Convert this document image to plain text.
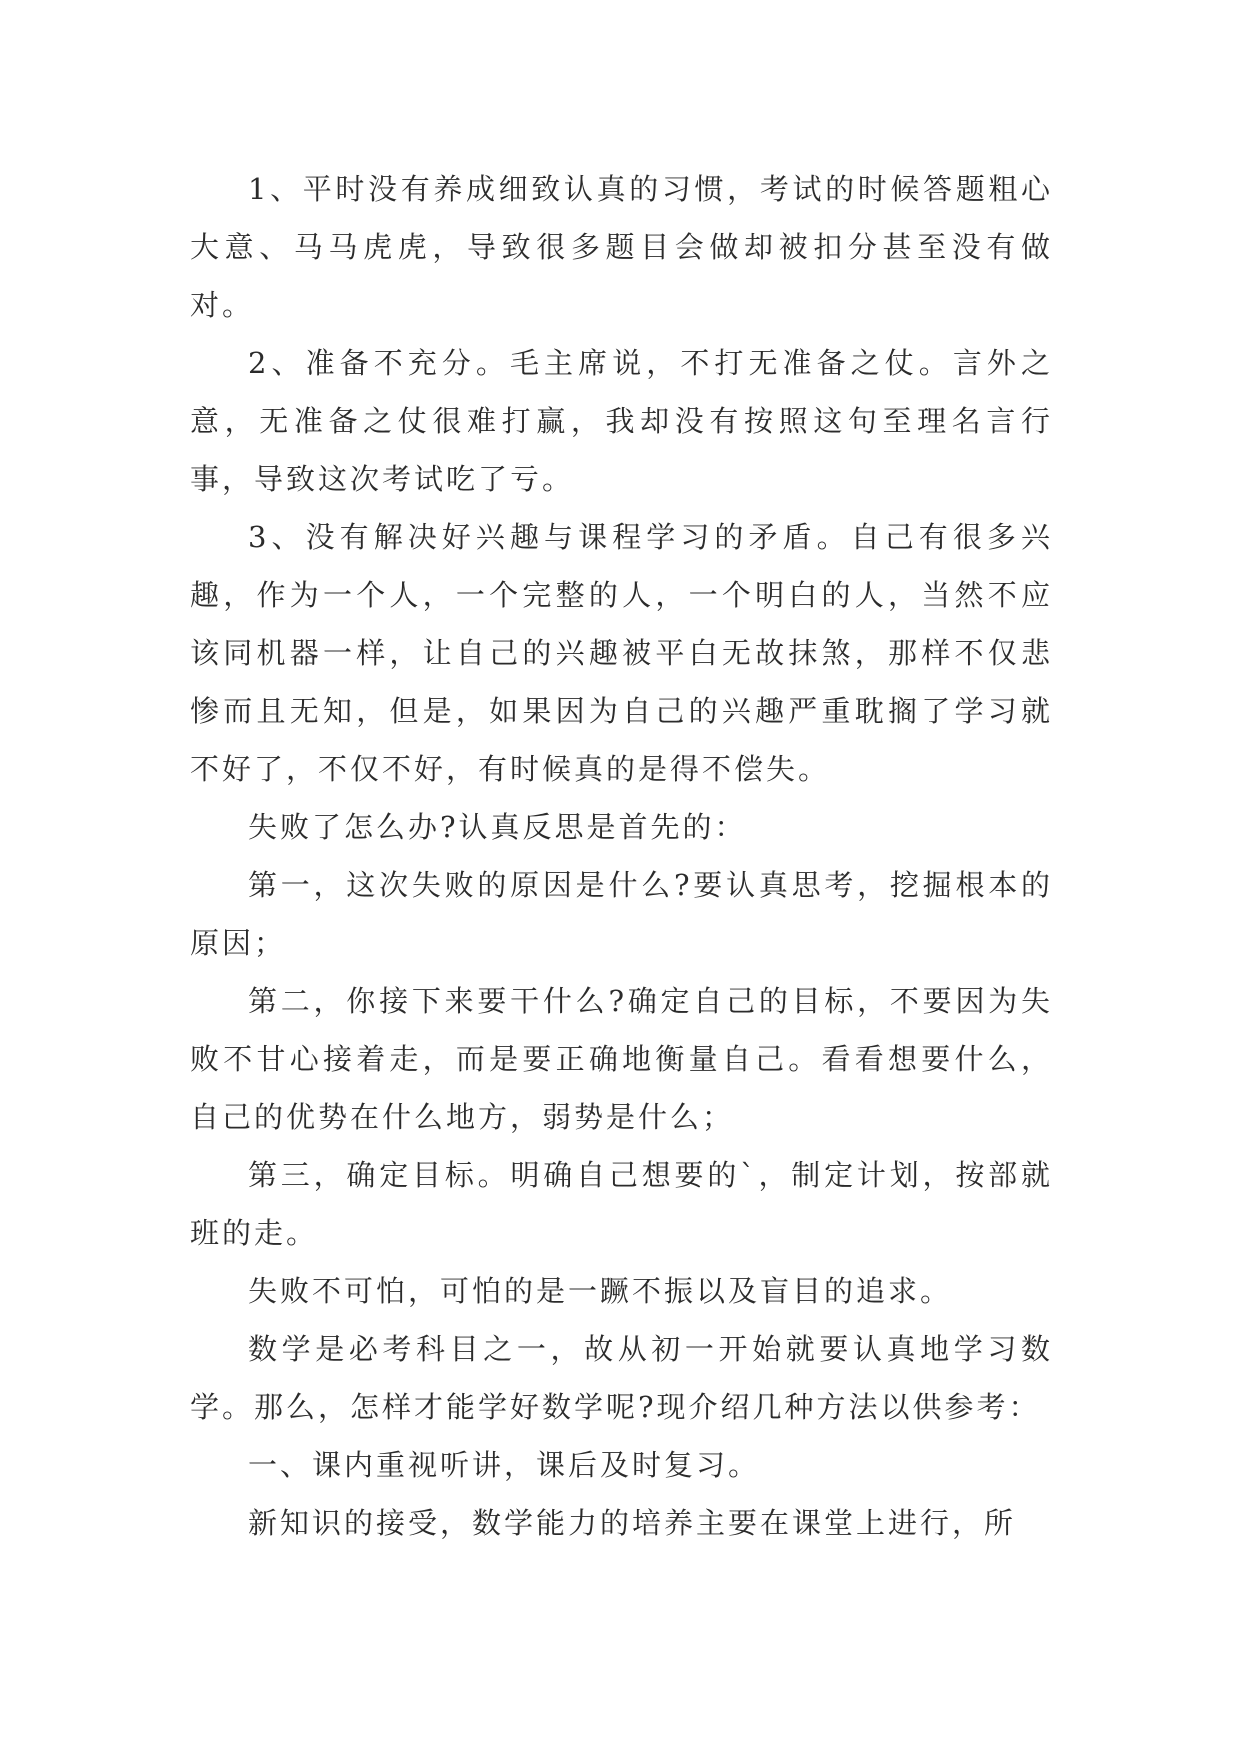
1、平时没有养成细致认真的习惯，考试的时候答题粗心大意、马马虎虎，导致很多题目会做却被扣分甚至没有做对。

2、准备不充分。毛主席说，不打无准备之仗。言外之意，无准备之仗很难打赢，我却没有按照这句至理名言行事，导致这次考试吃了亏。

3、没有解决好兴趣与课程学习的矛盾。自己有很多兴趣，作为一个人，一个完整的人，一个明白的人，当然不应该同机器一样，让自己的兴趣被平白无故抹煞，那样不仅悲惨而且无知，但是，如果因为自己的兴趣严重耽搁了学习就不好了，不仅不好，有时候真的是得不偿失。

失败了怎么办?认真反思是首先的：

第一，这次失败的原因是什么?要认真思考，挖掘根本的原因；

第二，你接下来要干什么?确定自己的目标，不要因为失败不甘心接着走，而是要正确地衡量自己。看看想要什么，自己的优势在什么地方，弱势是什么；

第三，确定目标。明确自己想要的`，制定计划，按部就班的走。

失败不可怕，可怕的是一蹶不振以及盲目的追求。

数学是必考科目之一，故从初一开始就要认真地学习数学。那么，怎样才能学好数学呢?现介绍几种方法以供参考：

一、课内重视听讲，课后及时复习。

新知识的接受，数学能力的培养主要在课堂上进行，所
